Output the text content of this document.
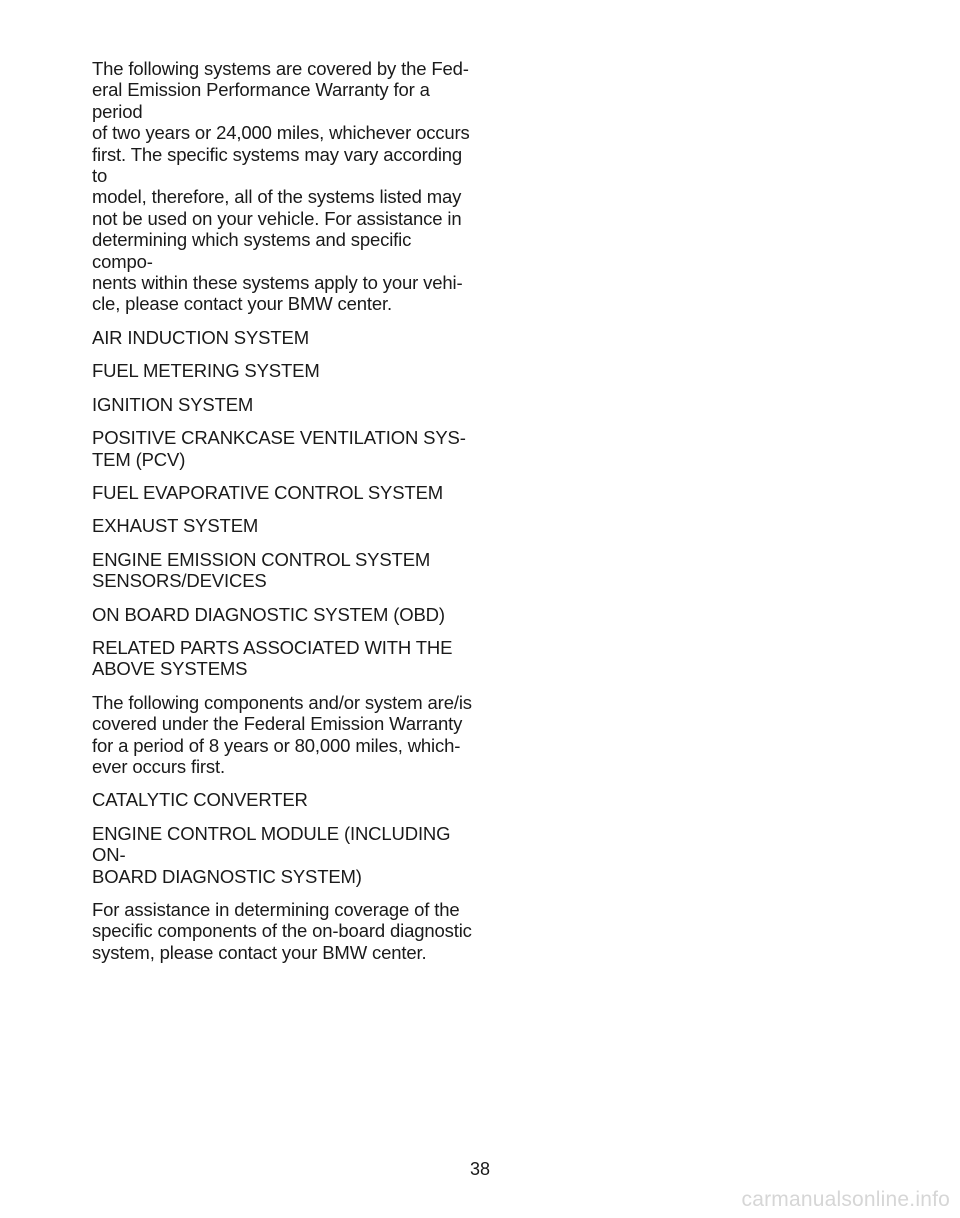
The following systems are covered by the Fed-
eral Emission Performance Warranty for a period
of two years or 24,000 miles, whichever occurs
first. The specific systems may vary according to
model, therefore, all of the systems listed may
not be used on your vehicle. For assistance in
determining which systems and specific compo-
nents within these systems apply to your vehi-
cle, please contact your BMW center.

AIR INDUCTION SYSTEM

FUEL METERING SYSTEM

IGNITION SYSTEM

POSITIVE CRANKCASE VENTILATION SYS-
TEM (PCV)

FUEL EVAPORATIVE CONTROL SYSTEM

EXHAUST SYSTEM

ENGINE EMISSION CONTROL SYSTEM
SENSORS/DEVICES

ON BOARD DIAGNOSTIC SYSTEM (OBD)

RELATED PARTS ASSOCIATED WITH THE
ABOVE SYSTEMS

The following components and/or system are/is
covered under the Federal Emission Warranty
for a period of 8 years or 80,000 miles, which-
ever occurs first.

CATALYTIC CONVERTER

ENGINE CONTROL MODULE (INCLUDING ON-
BOARD DIAGNOSTIC SYSTEM)

For assistance in determining coverage of the
specific components of the on-board diagnostic
system, please contact your BMW center.

38
carmanualsonline.info
